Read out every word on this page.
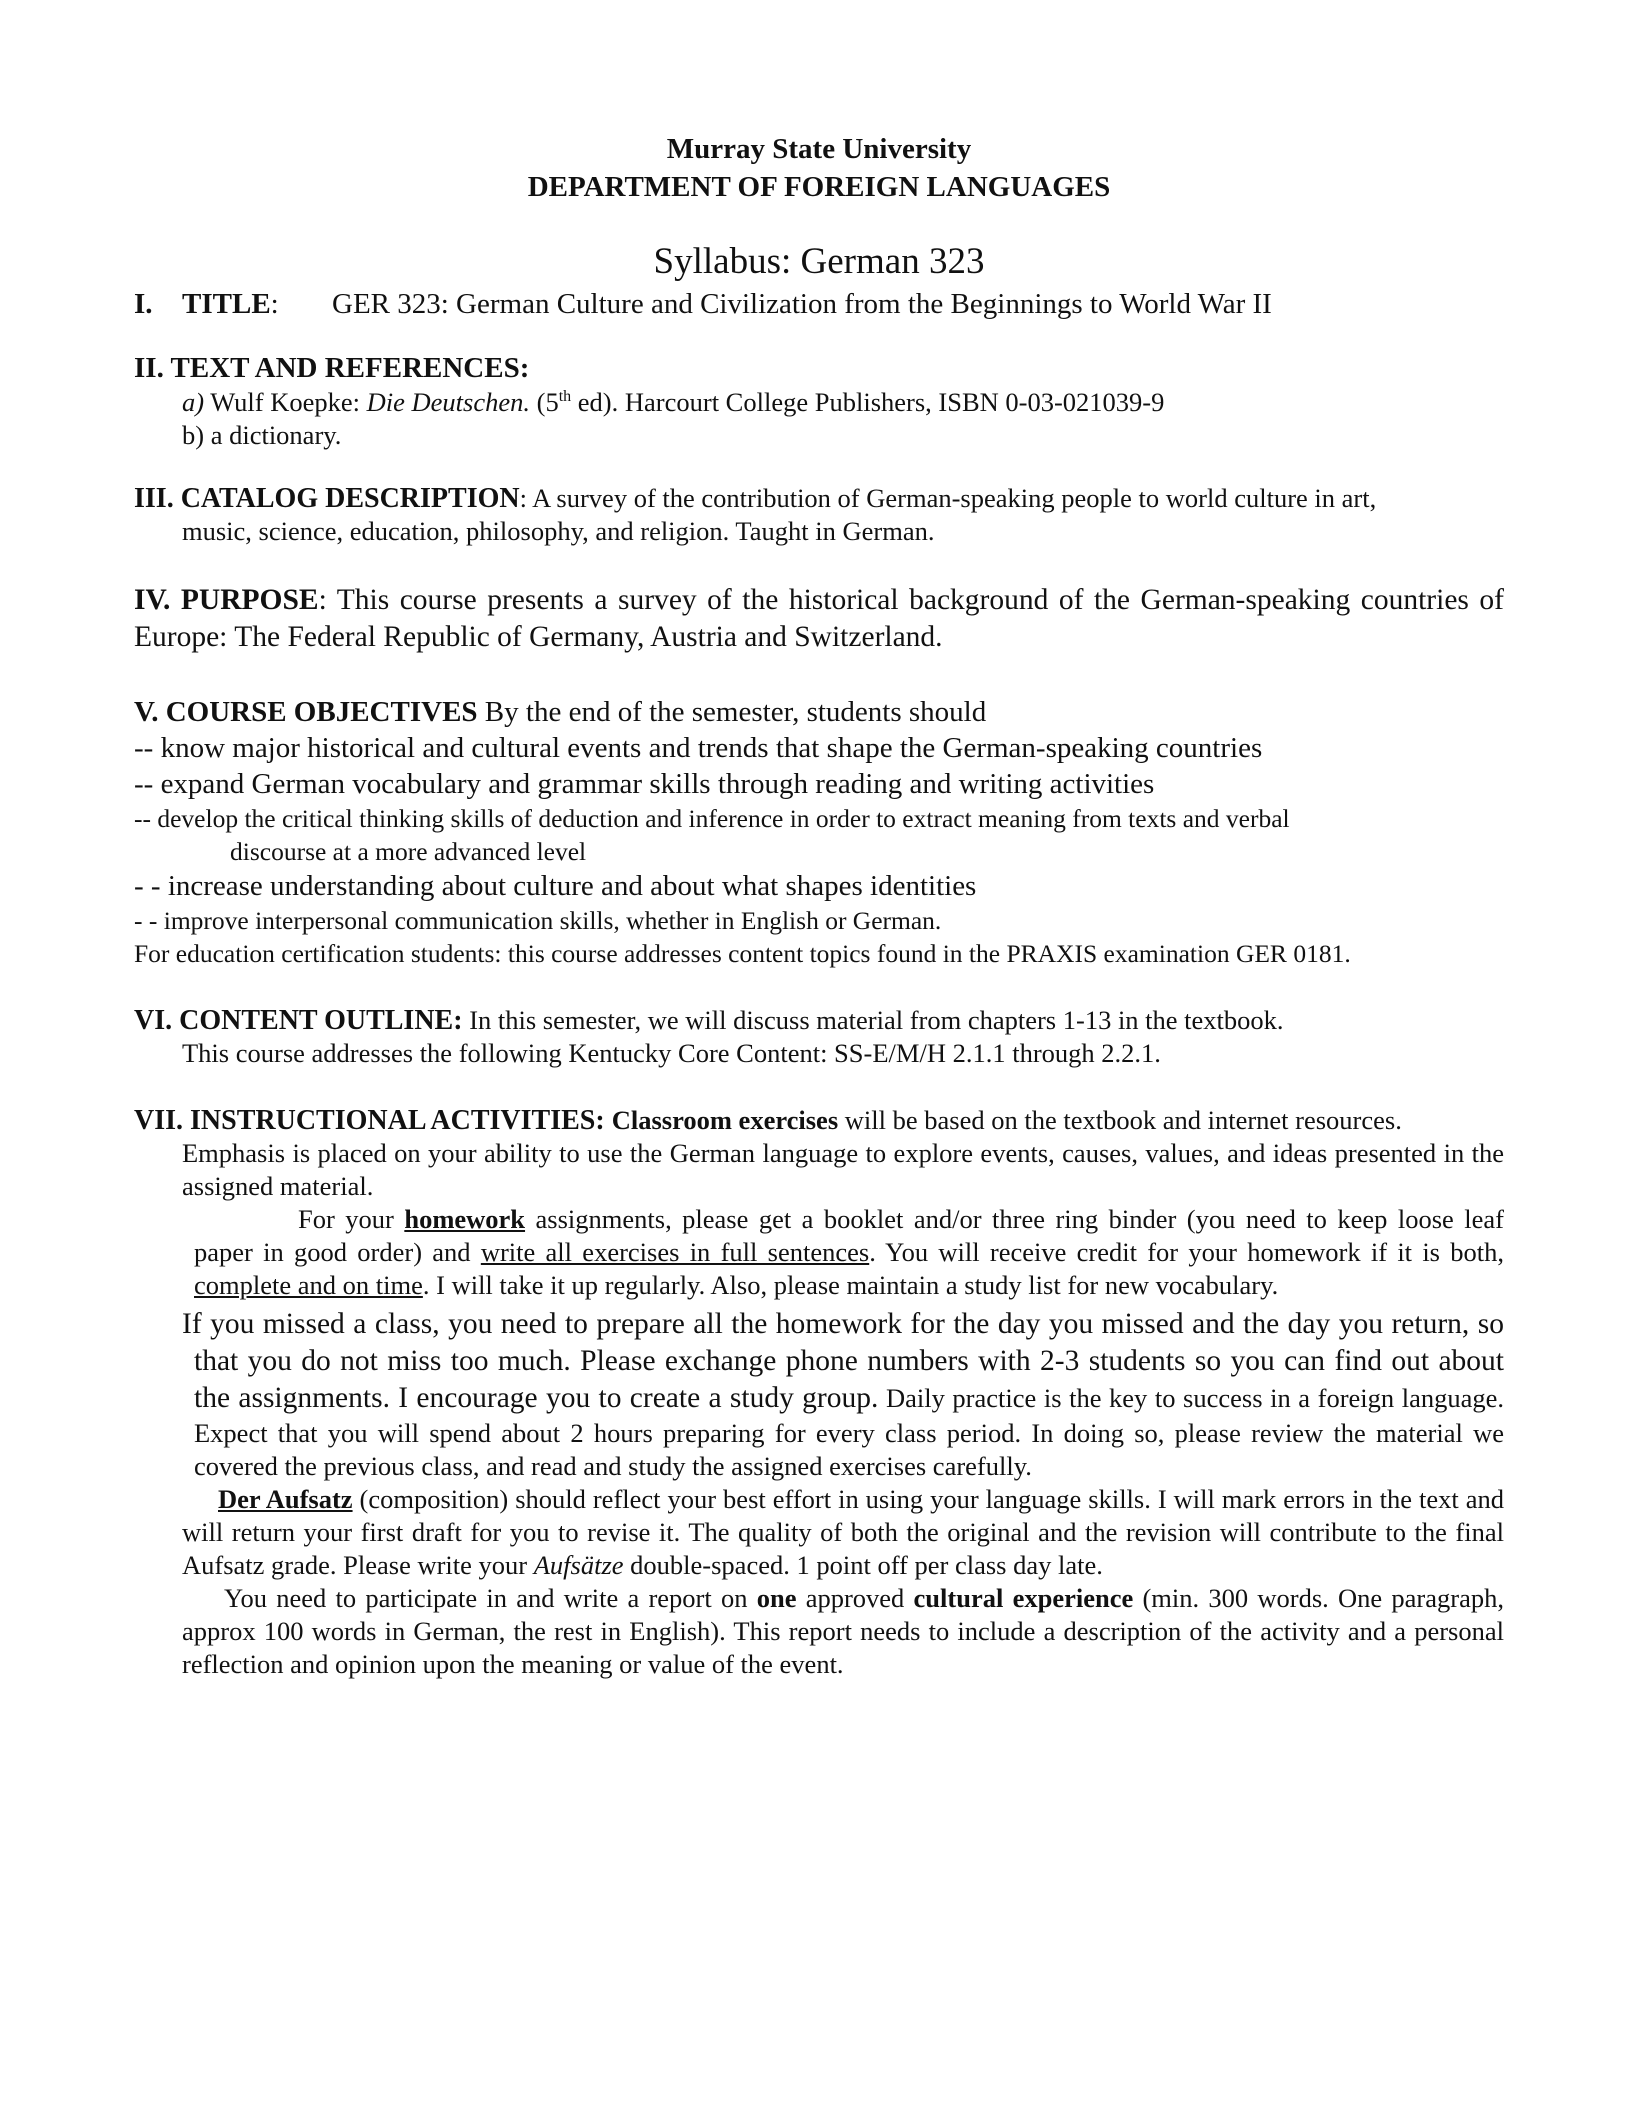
Murray State University
DEPARTMENT OF FOREIGN LANGUAGES
Syllabus: German 323
I.	TITLE:	GER 323: German Culture and Civilization from the Beginnings to World War II

II. TEXT AND REFERENCES:

a) Wulf Koepke: Die Deutschen. (5th ed). Harcourt College Publishers, ISBN 0-03-021039-9

b) a dictionary.

III. CATALOG DESCRIPTION: A survey of the contribution of German-speaking people to world culture in art,

music, science, education, philosophy, and religion. Taught in German.

IV. PURPOSE: This course presents a survey of the historical background of the German-speaking countries of Europe: The Federal Republic of Germany, Austria and Switzerland.

V. COURSE OBJECTIVES By the end of the semester, students should

-- know major historical and cultural events and trends that shape the German-speaking countries

-- expand German vocabulary and grammar skills through reading and writing activities

-- develop the critical thinking skills of deduction and inference in order to extract meaning from texts and verbal

discourse at a more advanced level

- - increase understanding about culture and about what shapes identities

- - improve interpersonal communication skills, whether in English or German.

For education certification students: this course addresses content topics found in the PRAXIS examination GER 0181.

VI. CONTENT OUTLINE: In this semester, we will discuss material from chapters 1-13 in the textbook.

This course addresses the following Kentucky Core Content: SS-E/M/H 2.1.1 through 2.2.1.

VII. INSTRUCTIONAL ACTIVITIES: Classroom exercises will be based on the textbook and internet resources.

Emphasis is placed on your ability to use the German language to explore events, causes, values, and ideas presented in the assigned material.

For your homework assignments, please get a booklet and/or three ring binder (you need to keep loose leaf paper in good order) and write all exercises in full sentences. You will receive credit for your homework if it is both, complete and on time. I will take it up regularly. Also, please maintain a study list for new vocabulary.

If you missed a class, you need to prepare all the homework for the day you missed and the day you return, so that you do not miss too much. Please exchange phone numbers with 2-3 students so you can find out about the assignments. I encourage you to create a study group. Daily practice is the key to success in a foreign language. Expect that you will spend about 2 hours preparing for every class period. In doing so, please review the material we covered the previous class, and read and study the assigned exercises carefully.

Der Aufsatz (composition) should reflect your best effort in using your language skills. I will mark errors in the text and will return your first draft for you to revise it. The quality of both the original and the revision will contribute to the final Aufsatz grade. Please write your Aufsätze double-spaced. 1 point off per class day late.

You need to participate in and write a report on one approved cultural experience (min. 300 words. One paragraph, approx 100 words in German, the rest in English). This report needs to include a description of the activity and a personal reflection and opinion upon the meaning or value of the event.
